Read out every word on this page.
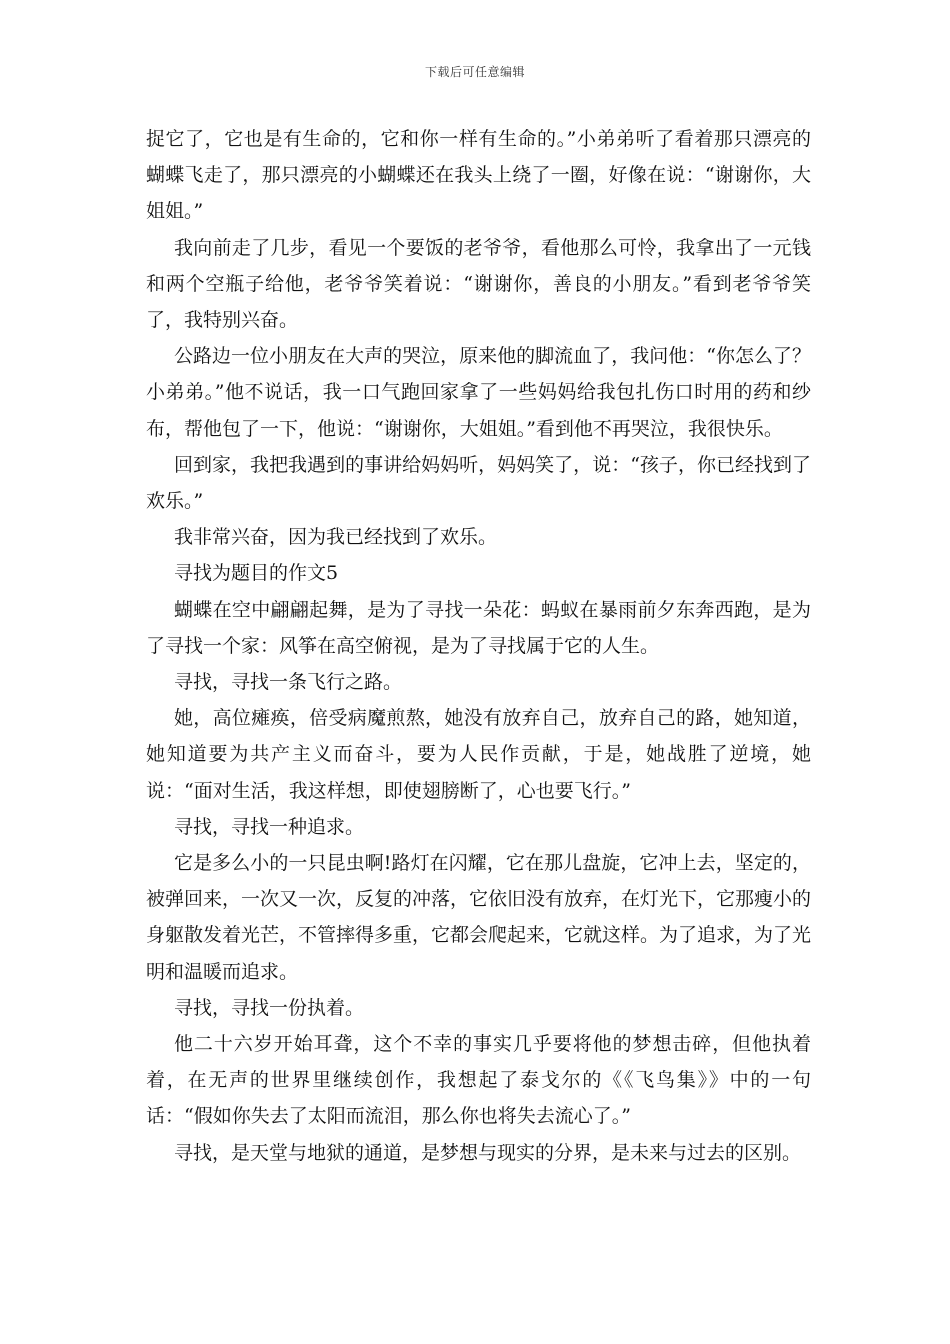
下载后可任意编辑

捉它了，它也是有生命的，它和你一样有生命的。”小弟弟听了看着那只漂亮的蝴蝶飞走了，那只漂亮的小蝴蝶还在我头上绕了一圈，好像在说：“谢谢你，大姐姐。”

我向前走了几步，看见一个要饭的老爷爷，看他那么可怜，我拿出了一元钱和两个空瓶子给他，老爷爷笑着说：“谢谢你，善良的小朋友。”看到老爷爷笑了，我特别兴奋。

公路边一位小朋友在大声的哭泣，原来他的脚流血了，我问他：“你怎么了？小弟弟。”他不说话，我一口气跑回家拿了一些妈妈给我包扎伤口时用的药和纱布，帮他包了一下，他说：“谢谢你，大姐姐。”看到他不再哭泣，我很快乐。

回到家，我把我遇到的事讲给妈妈听，妈妈笑了，说：“孩子，你已经找到了欢乐。”

我非常兴奋，因为我已经找到了欢乐。

寻找为题目的作文5

蝴蝶在空中翩翩起舞，是为了寻找一朵花：蚂蚁在暴雨前夕东奔西跑，是为了寻找一个家：风筝在高空俯视，是为了寻找属于它的人生。

寻找，寻找一条飞行之路。

她，高位瘫痪，倍受病魔煎熬，她没有放弃自己，放弃自己的路，她知道，她知道要为共产主义而奋斗，要为人民作贡献，于是，她战胜了逆境，她说：“面对生活，我这样想，即使翅膀断了，心也要飞行。”

寻找，寻找一种追求。

它是多么小的一只昆虫啊!路灯在闪耀，它在那儿盘旋，它冲上去，坚定的，被弹回来，一次又一次，反复的冲落，它依旧没有放弃，在灯光下，它那瘦小的身躯散发着光芒，不管摔得多重，它都会爬起来，它就这样。为了追求，为了光明和温暖而追求。

寻找，寻找一份执着。

他二十六岁开始耳聋，这个不幸的事实几乎要将他的梦想击碎，但他执着着，在无声的世界里继续创作，我想起了泰戈尔的《《飞鸟集》》中的一句话：“假如你失去了太阳而流泪，那么你也将失去流心了。”

寻找，是天堂与地狱的通道，是梦想与现实的分界，是未来与过去的区别。
